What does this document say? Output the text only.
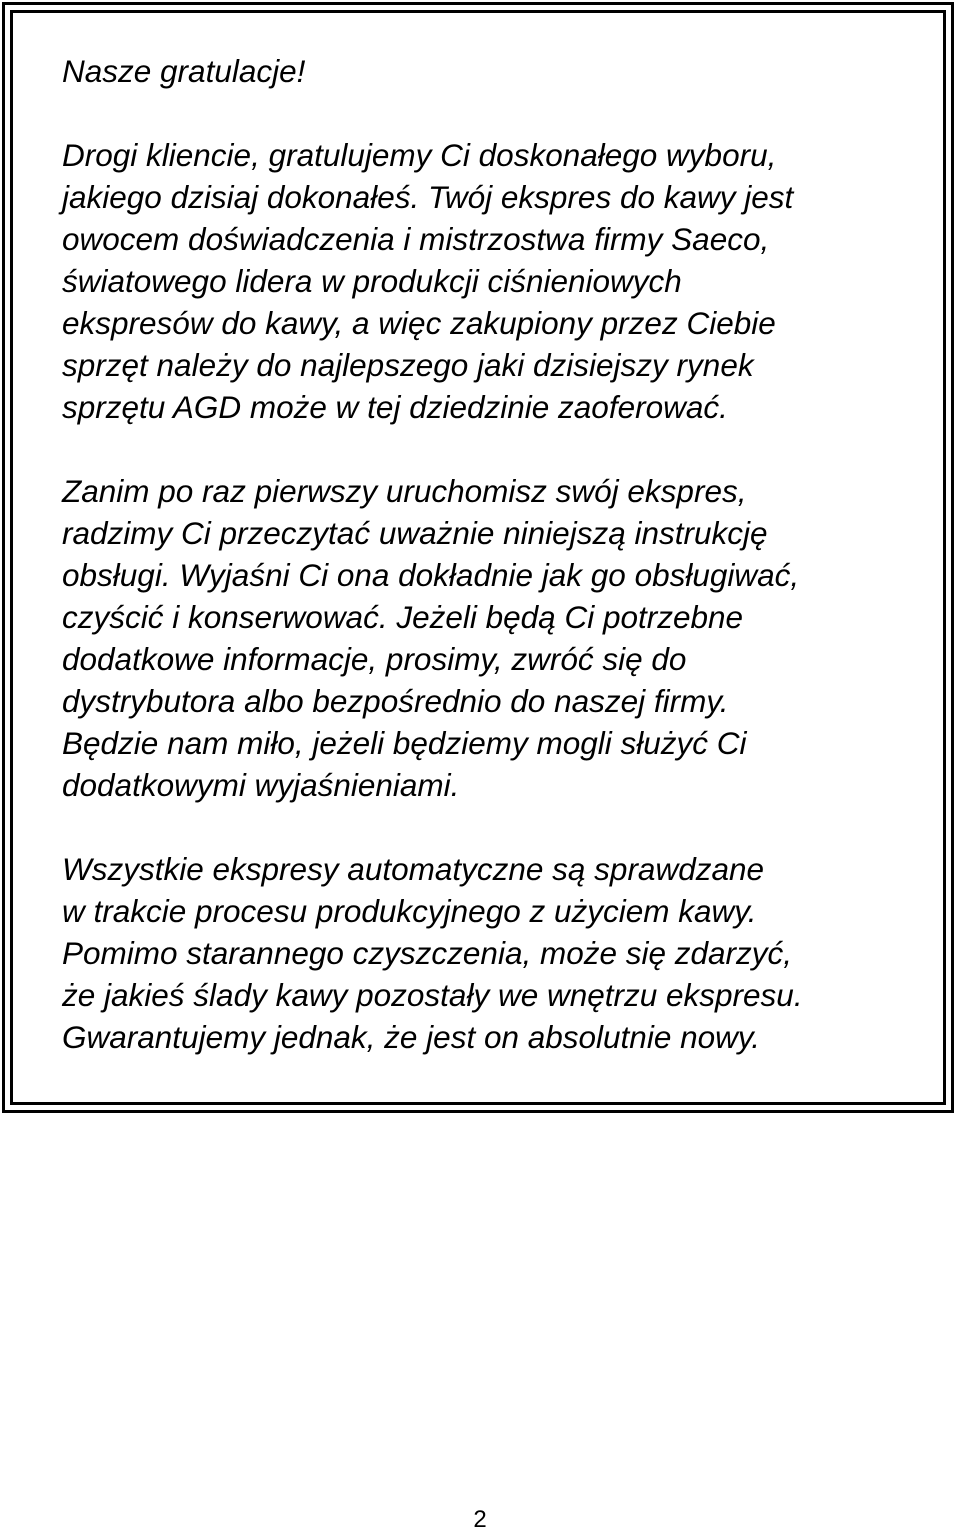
Nasze gratulacje!

Drogi kliencie, gratulujemy Ci doskonałego wyboru,

jakiego dzisiaj dokonałeś. Twój ekspres do kawy jest

owocem doświadczenia i mistrzostwa firmy Saeco,

światowego lidera w produkcji ciśnieniowych

ekspresów do kawy, a więc zakupiony przez Ciebie

sprzęt należy do najlepszego jaki dzisiejszy rynek

sprzętu AGD może w tej dziedzinie zaoferować.

Zanim po raz pierwszy uruchomisz swój ekspres,

radzimy Ci przeczytać uważnie niniejszą instrukcję

obsługi. Wyjaśni Ci ona dokładnie jak go obsługiwać,

czyścić i konserwować. Jeżeli będą Ci potrzebne

dodatkowe informacje, prosimy, zwróć się do

dystrybutora albo bezpośrednio do naszej firmy.

Będzie nam miło, jeżeli będziemy mogli służyć Ci

dodatkowymi wyjaśnieniami.

Wszystkie ekspresy automatyczne są sprawdzane

w trakcie procesu produkcyjnego z użyciem kawy.

Pomimo starannego czyszczenia, może się zdarzyć,

że jakieś ślady kawy pozostały we wnętrzu ekspresu.

Gwarantujemy jednak, że jest on absolutnie nowy.

2
